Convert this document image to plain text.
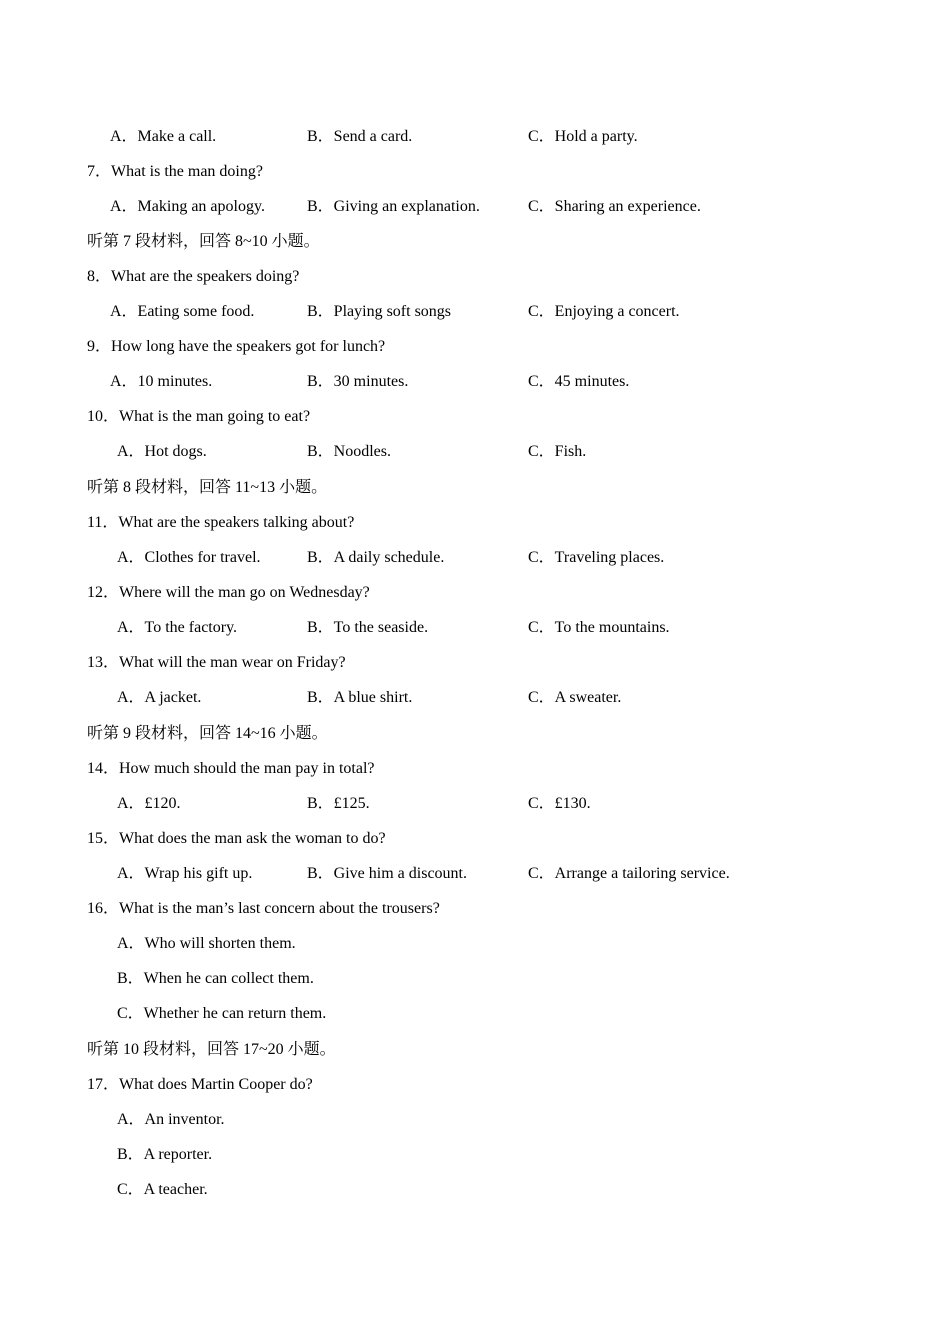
A．Make a call.	B．Send a card.	C．Hold a party.
7．What is the man doing?
A．Making an apology.	B．Giving an explanation.	C．Sharing an experience.
听第 7 段材料，回答 8~10 小题。
8．What are the speakers doing?
A．Eating some food.	B．Playing soft songs	C．Enjoying a concert.
9．How long have the speakers got for lunch?
A．10 minutes.	B．30 minutes.	C．45 minutes.
10．What is the man going to eat?
A．Hot dogs.	B．Noodles.	C．Fish.
听第 8 段材料，回答 11~13 小题。
11．What are the speakers talking about?
A．Clothes for travel.	B．A daily schedule.	C．Traveling places.
12．Where will the man go on Wednesday?
A．To the factory.	B．To the seaside.	C．To the mountains.
13．What will the man wear on Friday?
A．A jacket.	B．A blue shirt.	C．A sweater.
听第 9 段材料，回答 14~16 小题。
14．How much should the man pay in total?
A．£120.	B．£125.	C．£130.
15．What does the man ask the woman to do?
A．Wrap his gift up.	B．Give him a discount.	C．Arrange a tailoring service.
16．What is the man’s last concern about the trousers?
A．Who will shorten them.
B．When he can collect them.
C．Whether he can return them.
听第 10 段材料，回答 17~20 小题。
17．What does Martin Cooper do?
A．An inventor.
B．A reporter.
C．A teacher.
